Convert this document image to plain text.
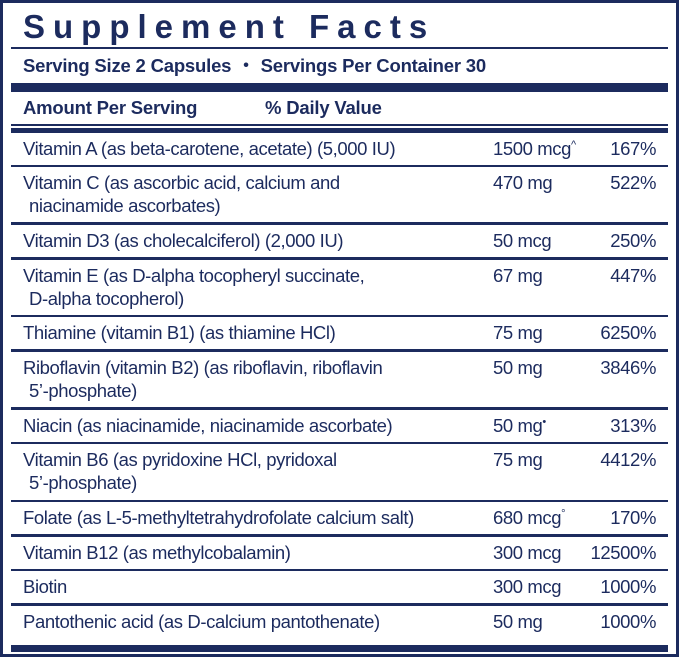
Supplement Facts
Serving Size 2 Capsules • Servings Per Container 30
Amount Per Serving	% Daily Value
Vitamin A (as beta-carotene, acetate) (5,000 IU)	1500 mcg^	167%
Vitamin C (as ascorbic acid, calcium and
niacinamide ascorbates)
470 mg	522%
Vitamin D3 (as cholecalciferol) (2,000 IU)	50 mcg	250%
Vitamin E (as D-alpha tocopheryl succinate,
D-alpha tocopherol)
67 mg	447%
Thiamine (vitamin B1) (as thiamine HCl)	75 mg	6250%
Riboflavin (vitamin B2) (as riboflavin, riboflavin
5’-phosphate)
50 mg	3846%
Niacin (as niacinamide, niacinamide ascorbate)	50 mg•	313%
Vitamin B6 (as pyridoxine HCl, pyridoxal
5’-phosphate)
75 mg	4412%
Folate (as L-5-methyltetrahydrofolate calcium salt)	680 mcg°	170%
Vitamin B12 (as methylcobalamin)	300 mcg	12500%
Biotin	300 mcg	1000%
Pantothenic acid (as D-calcium pantothenate)	50 mg	1000%
